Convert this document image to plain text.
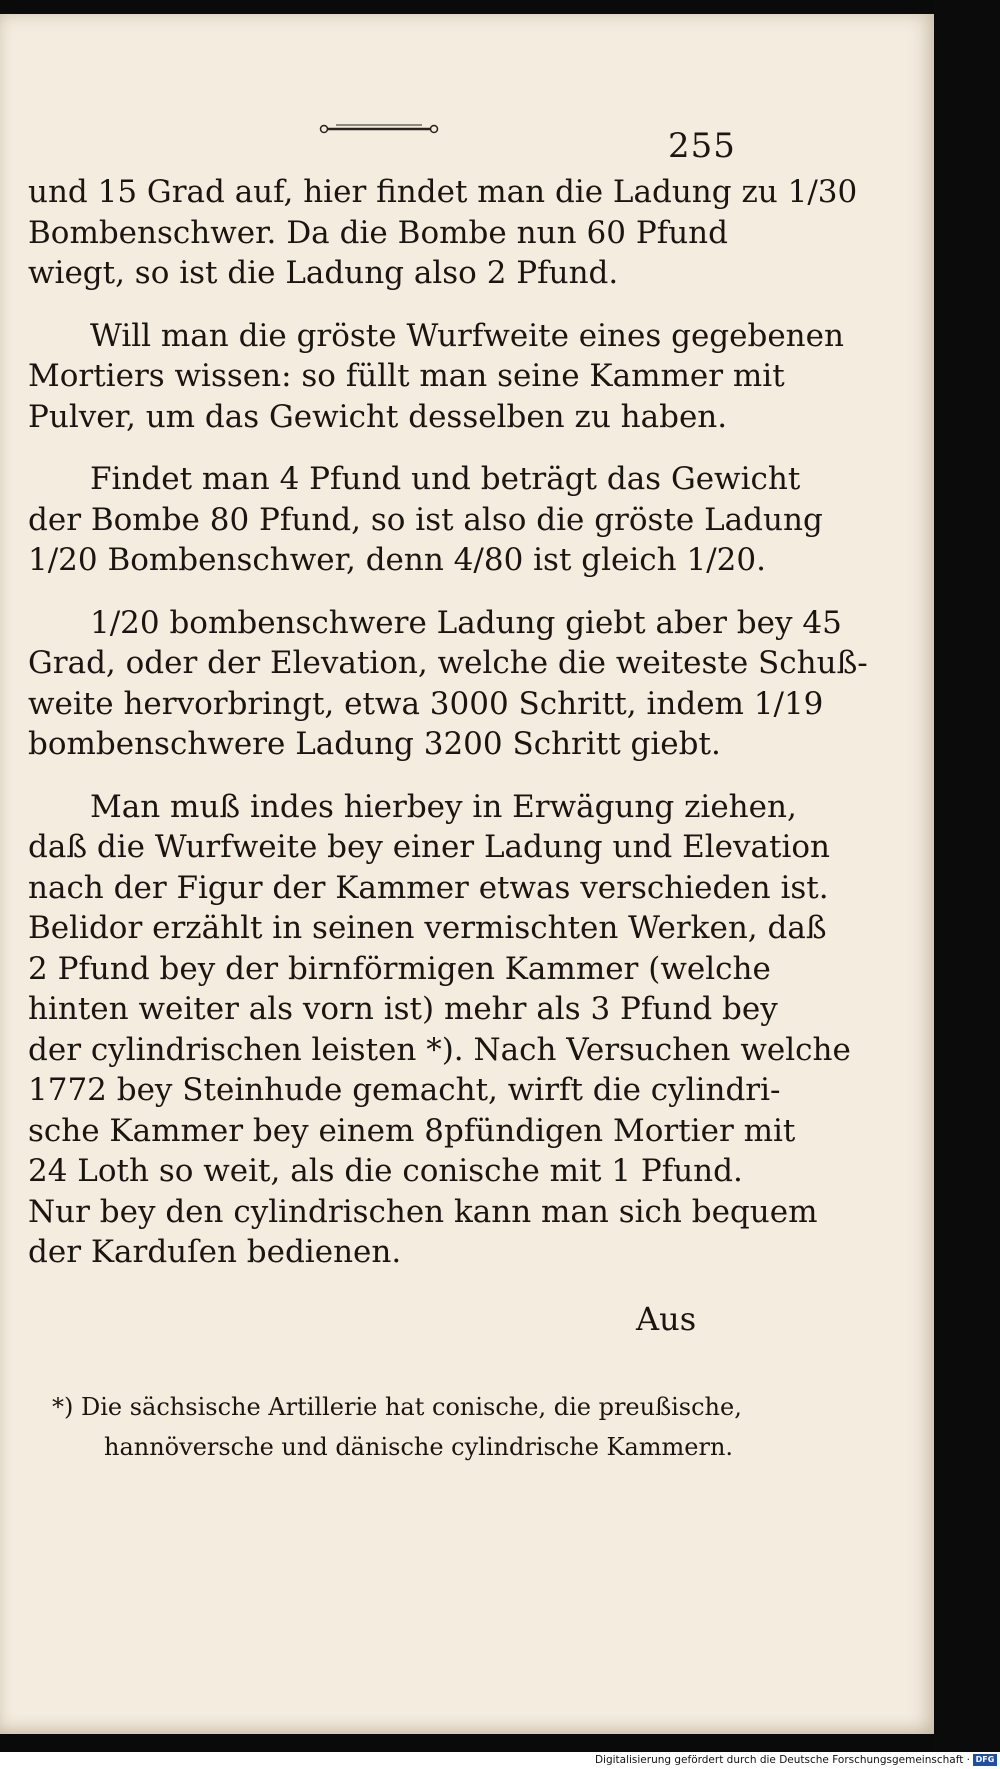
255
und 15 Grad auf, hier findet man die Ladung zu 1/30
Bombenschwer. Da die Bombe nun 60 Pfund
wiegt, so ist die Ladung also 2 Pfund.
Will man die gröste Wurfweite eines gegebenen
Mortiers wissen: so füllt man seine Kammer mit
Pulver, um das Gewicht desselben zu haben.
Findet man 4 Pfund und beträgt das Gewicht
der Bombe 80 Pfund, so ist also die gröste Ladung
1/20 Bombenschwer, denn 4/80 ist gleich 1/20.
1/20 bombenschwere Ladung giebt aber bey 45
Grad, oder der Elevation, welche die weiteste Schuß-
weite hervorbringt, etwa 3000 Schritt, indem 1/19
bombenschwere Ladung 3200 Schritt giebt.
Man muß indes hierbey in Erwägung ziehen,
daß die Wurfweite bey einer Ladung und Elevation
nach der Figur der Kammer etwas verschieden ist.
Belidor erzählt in seinen vermischten Werken, daß
2 Pfund bey der birnförmigen Kammer (welche
hinten weiter als vorn ist) mehr als 3 Pfund bey
der cylindrischen leisten *). Nach Versuchen welche
1772 bey Steinhude gemacht, wirft die cylindri-
sche Kammer bey einem 8pfündigen Mortier mit
24 Loth so weit, als die conische mit 1 Pfund.
Nur bey den cylindrischen kann man sich bequem
der Karduſen bedienen.
Aus
*) Die sächsische Artillerie hat conische, die preußische,
hannöversche und dänische cylindrische Kammern.
Digitalisierung gefördert durch die Deutsche Forschungsgemeinschaft · DFG
